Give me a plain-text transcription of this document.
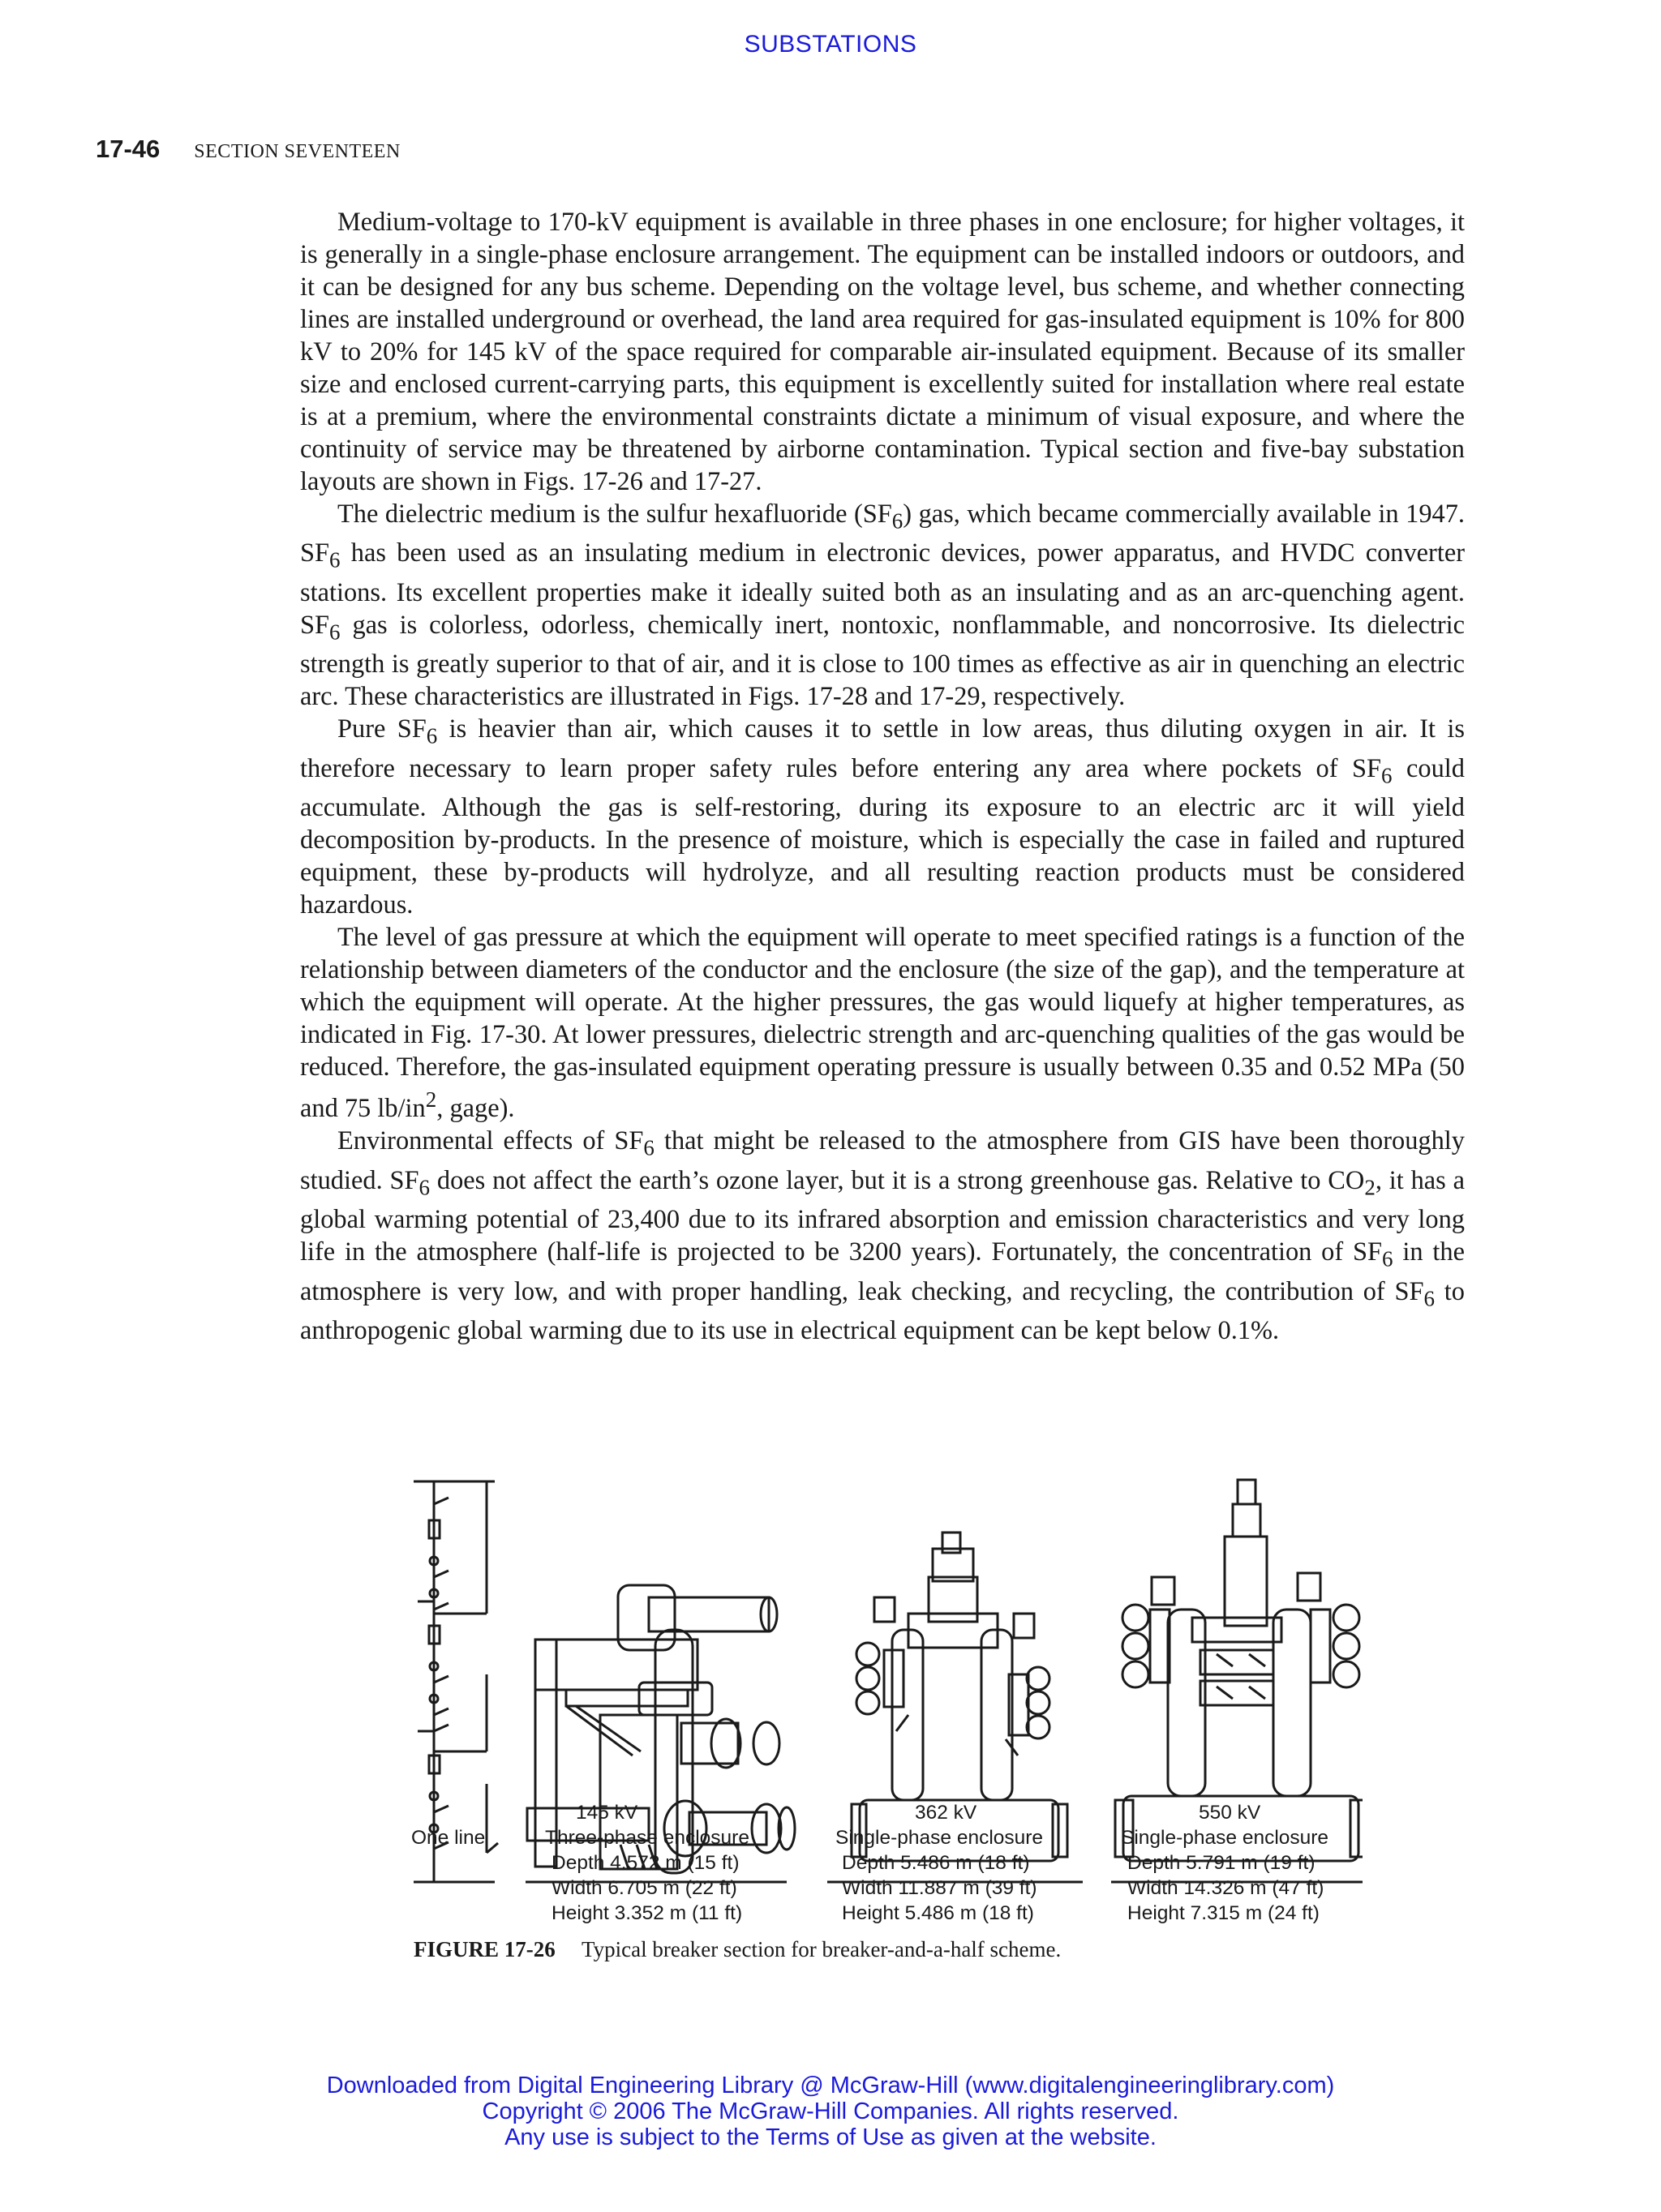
SUBSTATIONS
17-46 SECTION SEVENTEEN

Medium-voltage to 170-kV equipment is available in three phases in one enclosure; for higher voltages, it is generally in a single-phase enclosure arrangement. The equipment can be installed indoors or outdoors, and it can be designed for any bus scheme. Depending on the voltage level, bus scheme, and whether connecting lines are installed underground or overhead, the land area required for gas-insulated equipment is 10% for 800 kV to 20% for 145 kV of the space required for comparable air-insulated equipment. Because of its smaller size and enclosed current-carrying parts, this equipment is excellently suited for installation where real estate is at a premium, where the environmental constraints dictate a minimum of visual exposure, and where the continuity of service may be threatened by airborne contamination. Typical section and five-bay substation layouts are shown in Figs. 17-26 and 17-27.

The dielectric medium is the sulfur hexafluoride $(SF_6)$ gas, which became commercially available in 1947. $SF_6$ has been used as an insulating medium in electronic devices, power apparatus, and HVDC converter stations. Its excellent properties make it ideally suited both as an insulating and as an arc-quenching agent. $SF_6$ gas is colorless, odorless, chemically inert, nontoxic, nonflammable, and noncorrosive. Its dielectric strength is greatly superior to that of air, and it is close to 100 times as effective as air in quenching an electric arc. These characteristics are illustrated in Figs. 17-28 and 17-29, respectively.

Pure $SF_6$ is heavier than air, which causes it to settle in low areas, thus diluting oxygen in air. It is therefore necessary to learn proper safety rules before entering any area where pockets of $SF_6$ could accumulate. Although the gas is self-restoring, during its exposure to an electric arc it will yield decomposition by-products. In the presence of moisture, which is especially the case in failed and ruptured equipment, these by-products will hydrolyze, and all resulting reaction products must be considered hazardous.

The level of gas pressure at which the equipment will operate to meet specified ratings is a function of the relationship between diameters of the conductor and the enclosure (the size of the gap), and the temperature at which the equipment will operate. At the higher pressures, the gas would liquefy at higher temperatures, as indicated in Fig. 17-30. At lower pressures, dielectric strength and arc-quenching qualities of the gas would be reduced. Therefore, the gas-insulated equipment operating pressure is usually between 0.35 and 0.52 MPa (50 and 75 $lb/in^2$, gage).

Environmental effects of $SF_6$ that might be released to the atmosphere from GIS have been thoroughly studied. $SF_6$ does not affect the earth’s ozone layer, but it is a strong greenhouse gas. Relative to $CO_2$, it has a global warming potential of 23,400 due to its infrared absorption and emission characteristics and very long life in the atmosphere (half-life is projected to be 3200 years). Fortunately, the concentration of $SF_6$ in the atmosphere is very low, and with proper handling, leak checking, and recycling, the contribution of $SF_6$ to anthropogenic global warming due to its use in electrical equipment can be kept below 0.1%.

One line
145 kV
Three-phase enclosure
Depth 4.572 m (15 ft)
Width 6.705 m (22 ft)
Height 3.352 m (11 ft)
362 kV
Single-phase enclosure
Depth 5.486 m (18 ft)
Width 11.887 m (39 ft)
Height 5.486 m (18 ft)
550 kV
Single-phase enclosure
Depth 5.791 m (19 ft)
Width 14.326 m (47 ft)
Height 7.315 m (24 ft)
FIGURE 17-26 Typical breaker section for breaker-and-a-half scheme.
Downloaded from Digital Engineering Library @ McGraw-Hill (www.digitalengineeringlibrary.com)
Copyright © 2006 The McGraw-Hill Companies. All rights reserved.
Any use is subject to the Terms of Use as given at the website.
